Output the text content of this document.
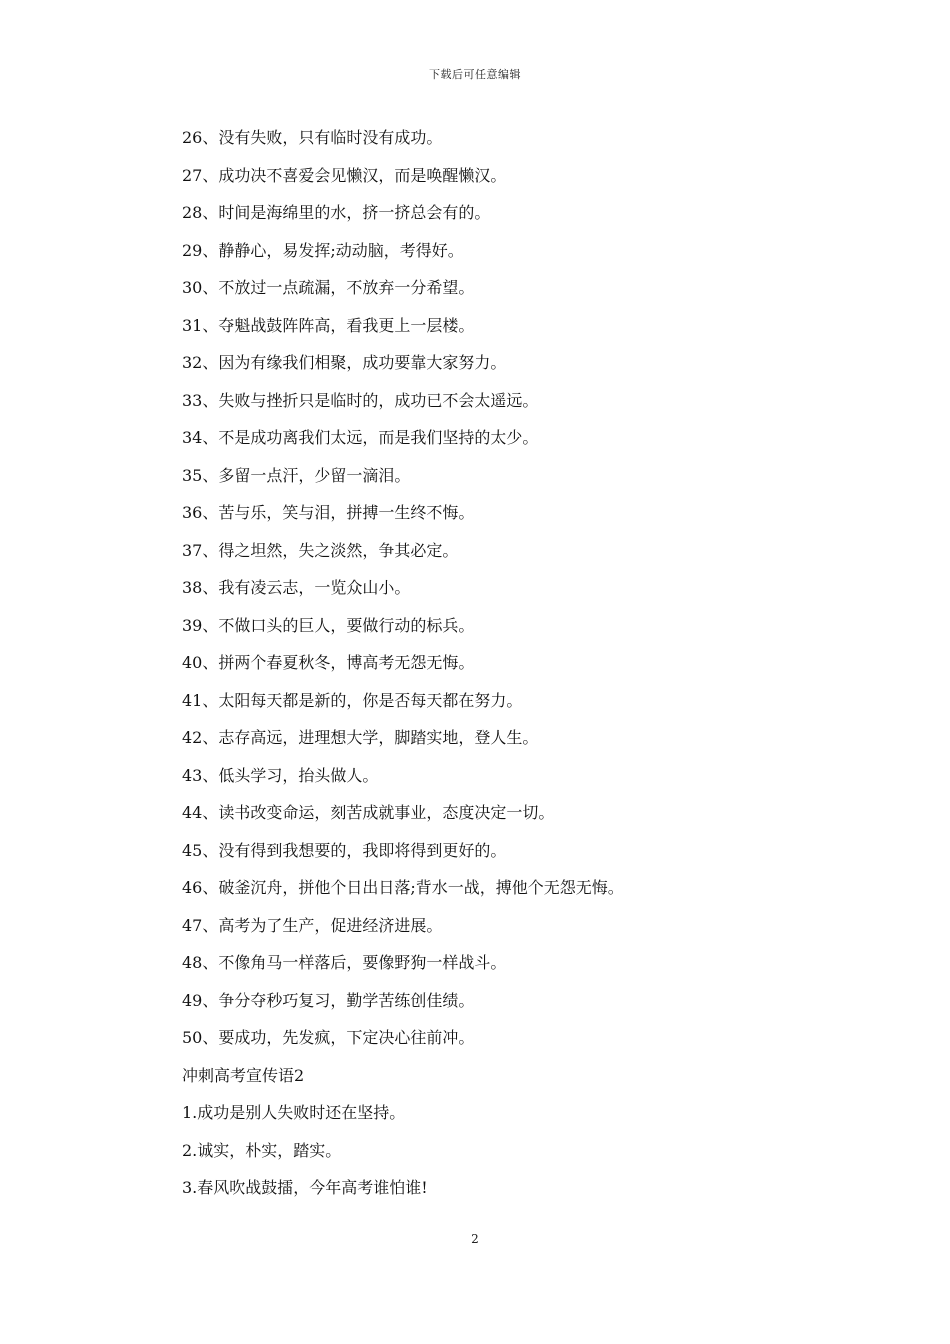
下载后可任意编辑
26、没有失败，只有临时没有成功。
27、成功决不喜爱会见懒汉，而是唤醒懒汉。
28、时间是海绵里的水，挤一挤总会有的。
29、静静心，易发挥;动动脑，考得好。
30、不放过一点疏漏，不放弃一分希望。
31、夺魁战鼓阵阵高，看我更上一层楼。
32、因为有缘我们相聚，成功要靠大家努力。
33、失败与挫折只是临时的，成功已不会太遥远。
34、不是成功离我们太远，而是我们坚持的太少。
35、多留一点汗，少留一滴泪。
36、苦与乐，笑与泪，拼搏一生终不悔。
37、得之坦然，失之淡然，争其必定。
38、我有凌云志，一览众山小。
39、不做口头的巨人，要做行动的标兵。
40、拼两个春夏秋冬，博高考无怨无悔。
41、太阳每天都是新的，你是否每天都在努力。
42、志存高远，进理想大学，脚踏实地，登人生。
43、低头学习，抬头做人。
44、读书改变命运，刻苦成就事业，态度决定一切。
45、没有得到我想要的，我即将得到更好的。
46、破釜沉舟，拼他个日出日落;背水一战，搏他个无怨无悔。
47、高考为了生产，促进经济进展。
48、不像角马一样落后，要像野狗一样战斗。
49、争分夺秒巧复习，勤学苦练创佳绩。
50、要成功，先发疯，下定决心往前冲。
冲刺高考宣传语2
1.成功是别人失败时还在坚持。
2.诚实，朴实，踏实。
3.春风吹战鼓擂，今年高考谁怕谁!
2
